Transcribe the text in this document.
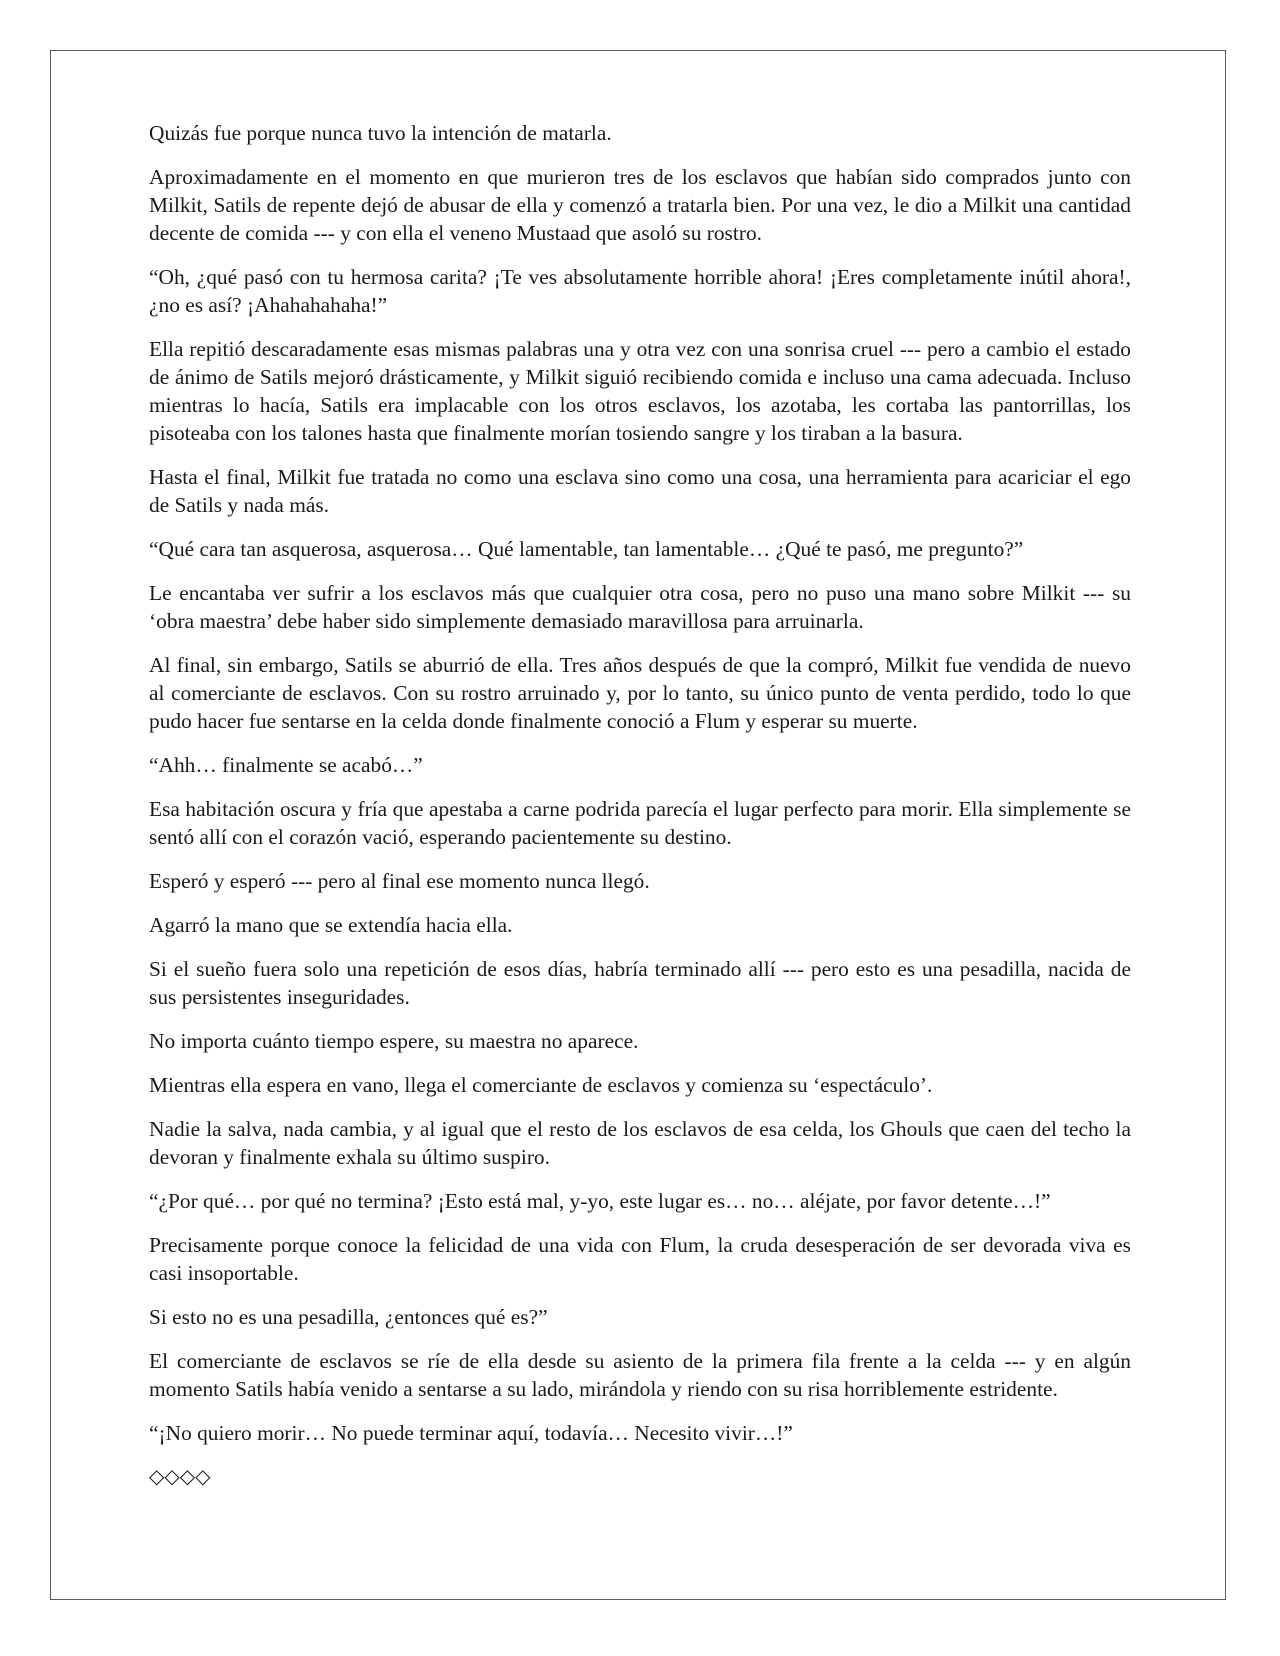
Quizás fue porque nunca tuvo la intención de matarla.

Aproximadamente en el momento en que murieron tres de los esclavos que habían sido comprados junto con Milkit, Satils de repente dejó de abusar de ella y comenzó a tratarla bien. Por una vez, le dio a Milkit una cantidad decente de comida --- y con ella el veneno Mustaad que asoló su rostro.

“Oh, ¿qué pasó con tu hermosa carita? ¡Te ves absolutamente horrible ahora! ¡Eres completamente inútil ahora!, ¿no es así? ¡Ahahahahaha!”

Ella repitió descaradamente esas mismas palabras una y otra vez con una sonrisa cruel --- pero a cambio el estado de ánimo de Satils mejoró drásticamente, y Milkit siguió recibiendo comida e incluso una cama adecuada. Incluso mientras lo hacía, Satils era implacable con los otros esclavos, los azotaba, les cortaba las pantorrillas, los pisoteaba con los talones hasta que finalmente morían tosiendo sangre y los tiraban a la basura.

Hasta el final, Milkit fue tratada no como una esclava sino como una cosa, una herramienta para acariciar el ego de Satils y nada más.

“Qué cara tan asquerosa, asquerosa… Qué lamentable, tan lamentable… ¿Qué te pasó, me pregunto?”

Le encantaba ver sufrir a los esclavos más que cualquier otra cosa, pero no puso una mano sobre Milkit --- su ‘obra maestra’ debe haber sido simplemente demasiado maravillosa para arruinarla.

Al final, sin embargo, Satils se aburrió de ella. Tres años después de que la compró, Milkit fue vendida de nuevo al comerciante de esclavos. Con su rostro arruinado y, por lo tanto, su único punto de venta perdido, todo lo que pudo hacer fue sentarse en la celda donde finalmente conoció a Flum y esperar su muerte.

“Ahh… finalmente se acabó…”

Esa habitación oscura y fría que apestaba a carne podrida parecía el lugar perfecto para morir. Ella simplemente se sentó allí con el corazón vació, esperando pacientemente su destino.

Esperó y esperó --- pero al final ese momento nunca llegó.

Agarró la mano que se extendía hacia ella.

Si el sueño fuera solo una repetición de esos días, habría terminado allí --- pero esto es una pesadilla, nacida de sus persistentes inseguridades.

No importa cuánto tiempo espere, su maestra no aparece.

Mientras ella espera en vano, llega el comerciante de esclavos y comienza su ‘espectáculo’.

Nadie la salva, nada cambia, y al igual que el resto de los esclavos de esa celda, los Ghouls que caen del techo la devoran y finalmente exhala su último suspiro.

“¿Por qué… por qué no termina? ¡Esto está mal, y-yo, este lugar es… no… aléjate, por favor detente…!”

Precisamente porque conoce la felicidad de una vida con Flum, la cruda desesperación de ser devorada viva es casi insoportable.

Si esto no es una pesadilla, ¿entonces qué es?”

El comerciante de esclavos se ríe de ella desde su asiento de la primera fila frente a la celda --- y en algún momento Satils había venido a sentarse a su lado, mirándola y riendo con su risa horriblemente estridente.

“¡No quiero morir… No puede terminar aquí, todavía… Necesito vivir…!”

◇◇◇◇
